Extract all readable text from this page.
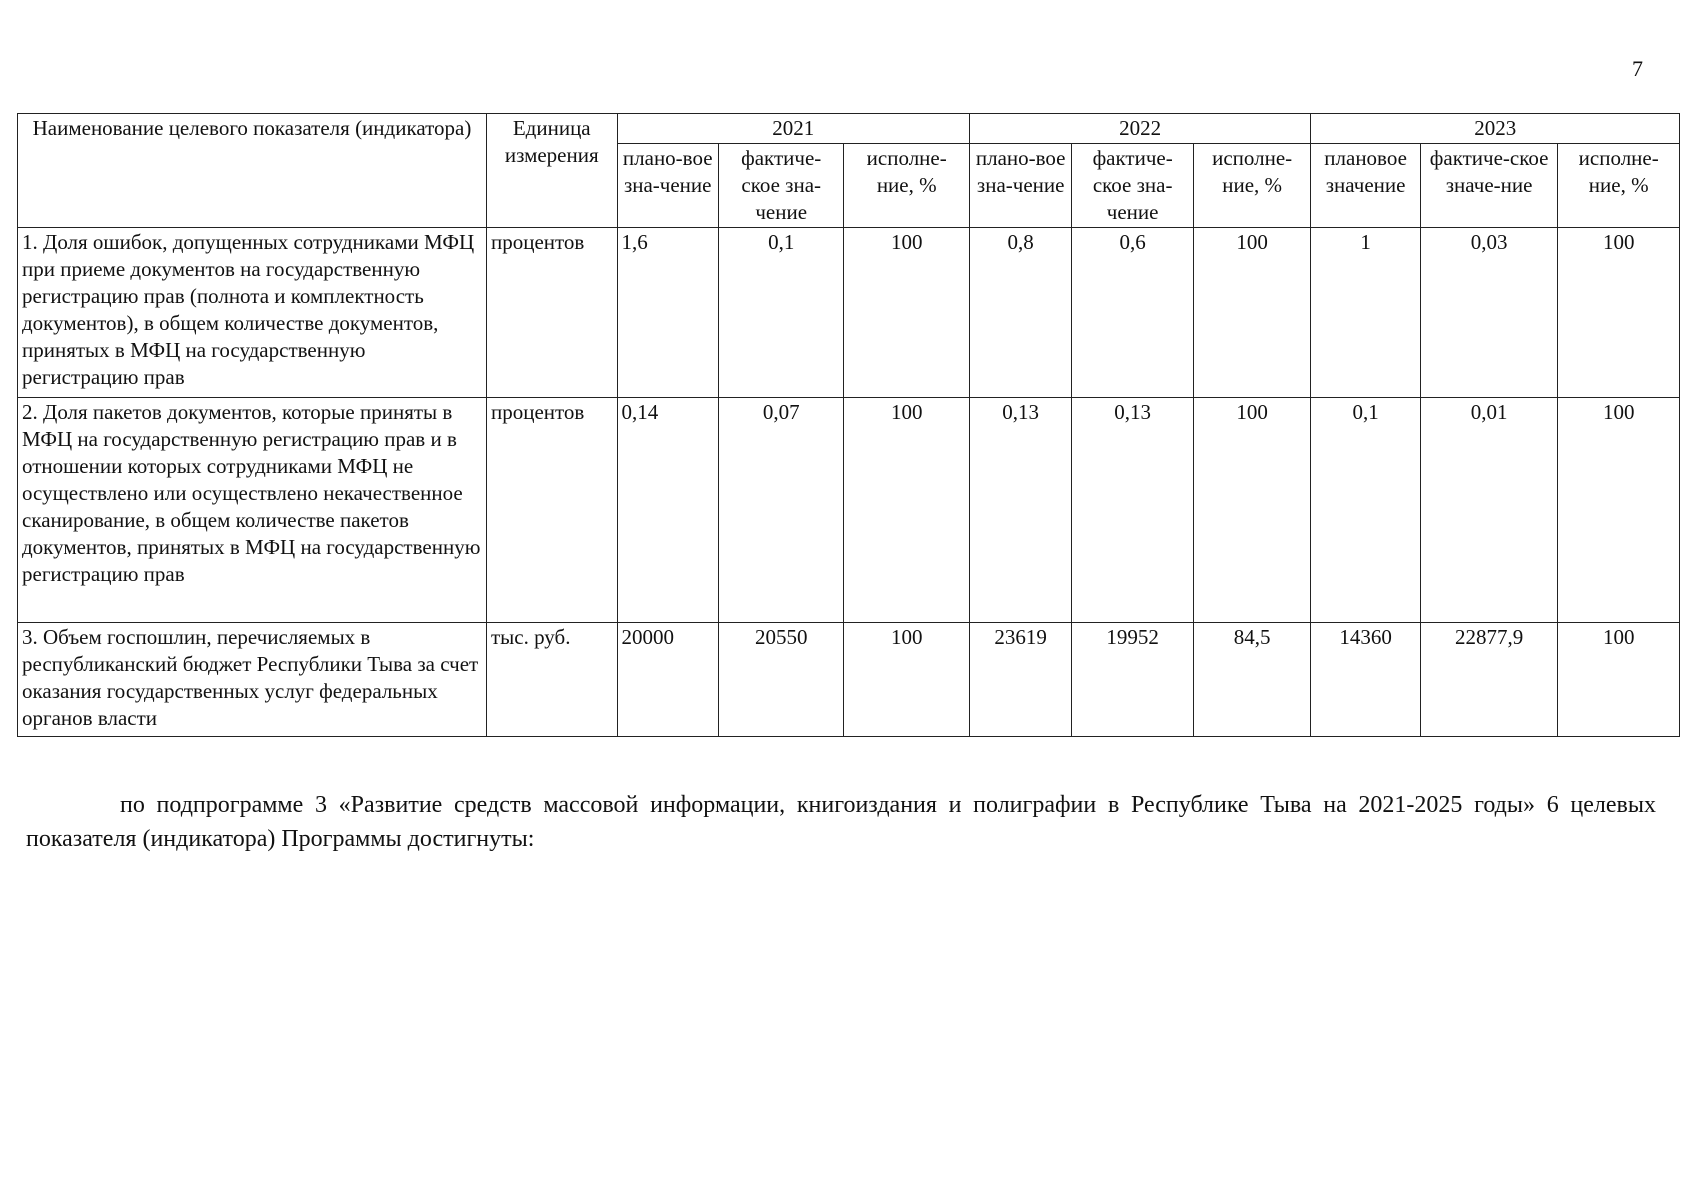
7
Наименование целевого показателя (индикатора)	Единица измерения	2021			2022			2023		
		плано-вое зна-чение	фактиче-ское зна-чение	исполне-ние, %	плано-вое зна-чение	фактиче-ское зна-чение	исполне-ние, %	плановое значение	фактиче-ское значе-ние	исполне-ние, %
1. Доля ошибок, допущенных сотрудниками МФЦ при приеме документов на государственную регистрацию прав (полнота и комплектность документов), в общем количестве документов, принятых в МФЦ на государственную регистрацию прав	процентов	1,6	0,1	100	0,8	0,6	100	1	0,03	100
2. Доля пакетов документов, которые приняты в МФЦ на государственную регистрацию прав и в отношении которых сотрудниками МФЦ не осуществлено или осуществлено некачественное сканирование, в общем количестве пакетов документов, принятых в МФЦ на государственную регистрацию прав	процентов	0,14	0,07	100	0,13	0,13	100	0,1	0,01	100
3. Объем госпошлин, перечисляемых в республиканский бюджет Республики Тыва за счет оказания государственных услуг федеральных органов власти	тыс. руб.	20000	20550	100	23619	19952	84,5	14360	22877,9	100

по подпрограмме 3 «Развитие средств массовой информации, книгоиздания и полиграфии в Республике Тыва на 2021-2025 годы» 6 целевых показателя (индикатора) Программы достигнуты:
